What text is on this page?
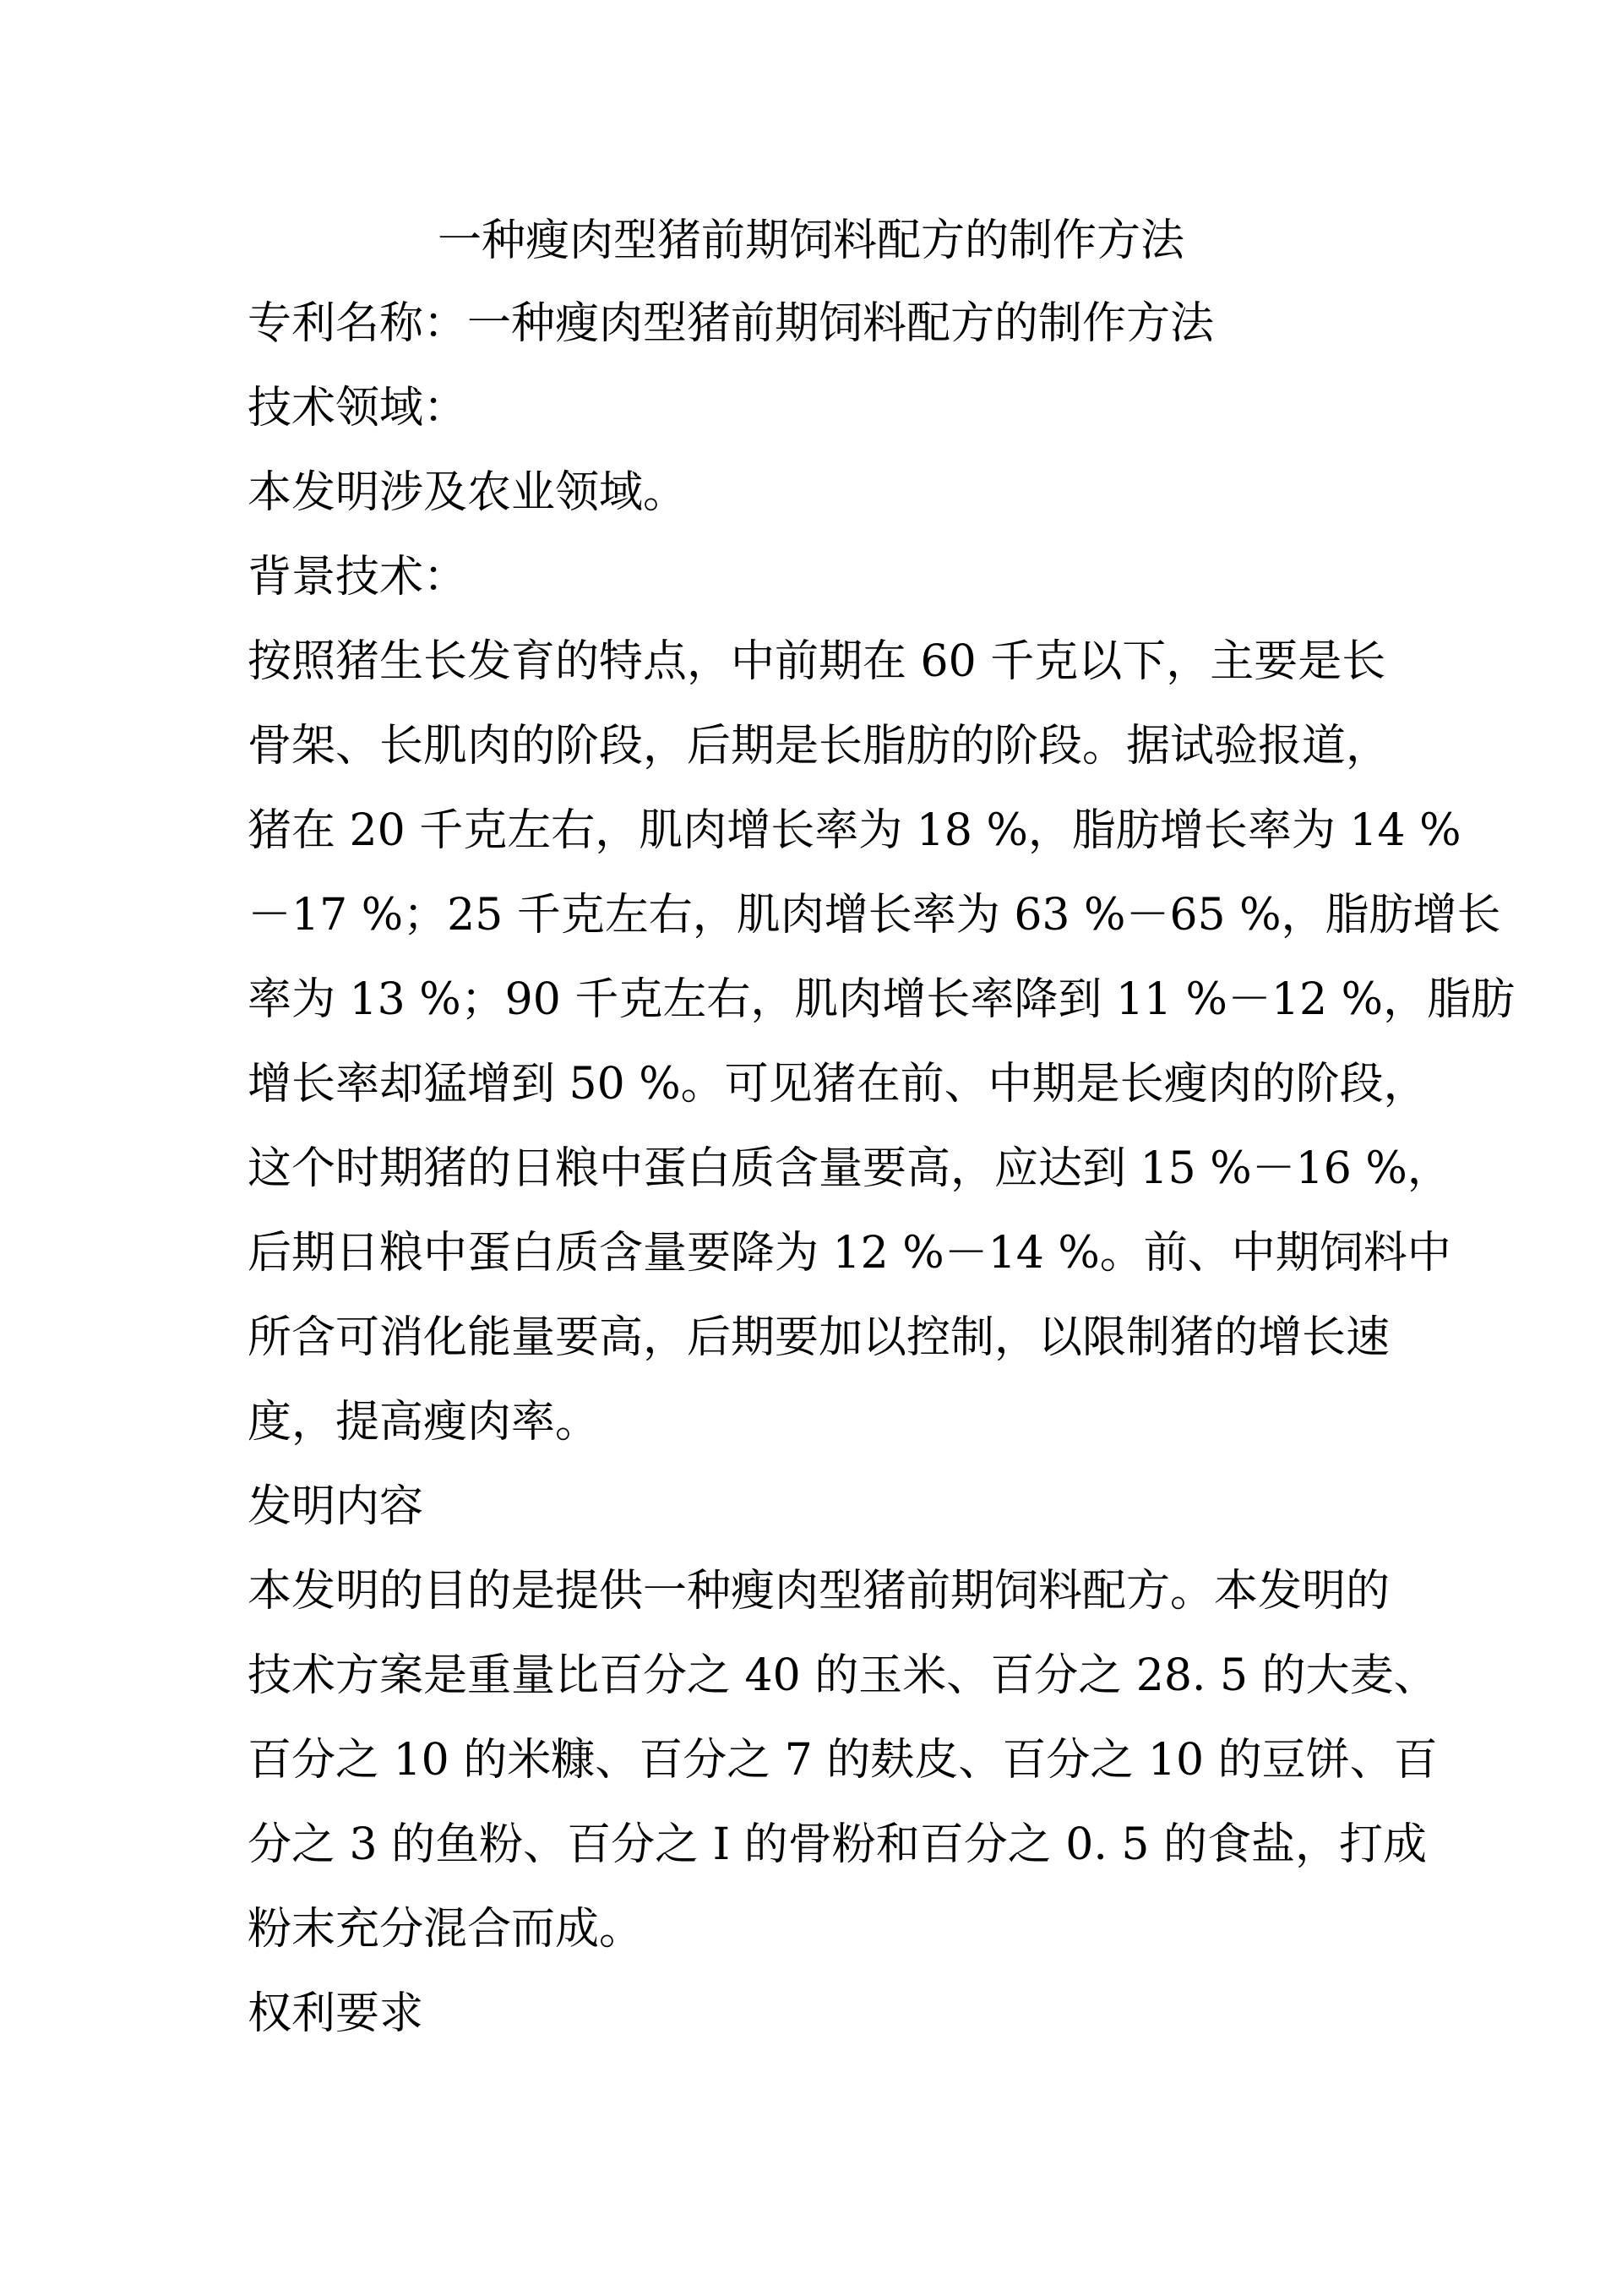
一种瘦肉型猪前期饲料配方的制作方法
专利名称：一种瘦肉型猪前期饲料配方的制作方法
技术领域：
本发明涉及农业领域。
背景技术：
按照猪生长发育的特点，中前期在 60 千克以下，主要是长
骨架、长肌肉的阶段，后期是长脂肪的阶段。据试验报道，
猪在 20 千克左右，肌肉增长率为 18 %，脂肪增长率为 14 %
－17 %；25 千克左右，肌肉增长率为 63 %－65 %，脂肪增长
率为 13 %；90 千克左右，肌肉增长率降到 11 %－12 %，脂肪
增长率却猛增到 50 %。可见猪在前、中期是长瘦肉的阶段，
这个时期猪的日粮中蛋白质含量要高，应达到 15 %－16 %，
后期日粮中蛋白质含量要降为 12 %－14 %。前、中期饲料中
所含可消化能量要高，后期要加以控制，以限制猪的增长速
度，提高瘦肉率。
发明内容
本发明的目的是提供一种瘦肉型猪前期饲料配方。本发明的
技术方案是重量比百分之 40 的玉米、百分之 28. 5 的大麦、
百分之 10 的米糠、百分之 7 的麸皮、百分之 10 的豆饼、百
分之 3 的鱼粉、百分之 I 的骨粉和百分之 0. 5 的食盐，打成
粉末充分混合而成。
权利要求
